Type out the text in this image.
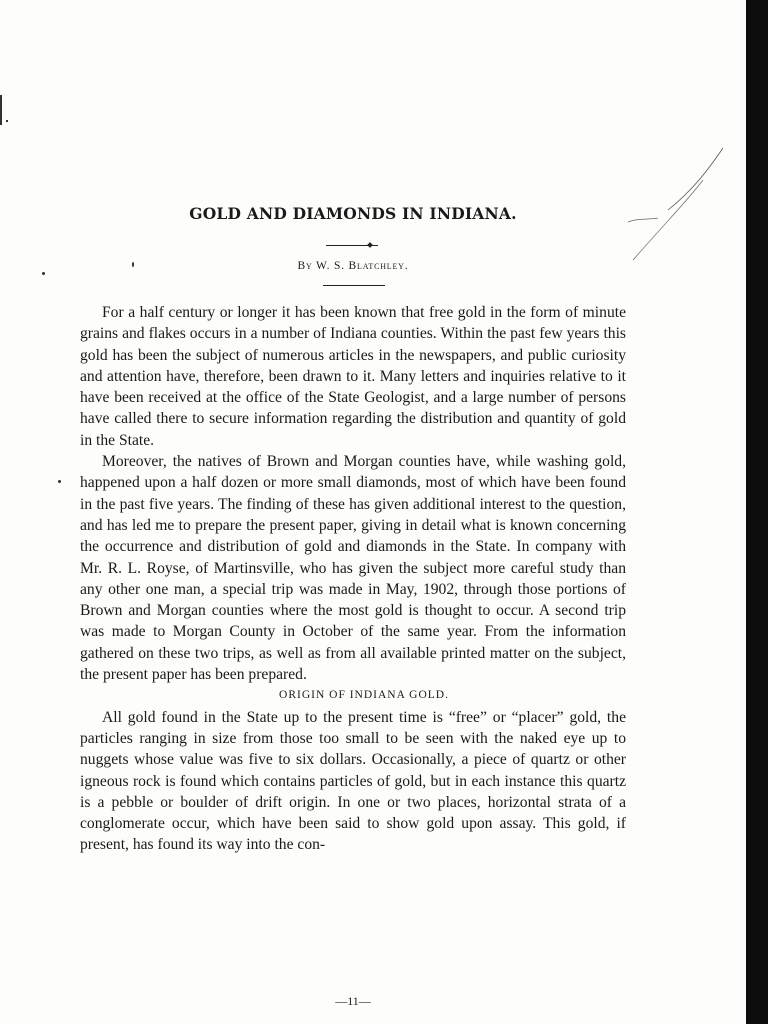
GOLD AND DIAMONDS IN INDIANA.
By W. S. Blatchley.

For a half century or longer it has been known that free gold in the form of minute grains and flakes occurs in a number of Indiana counties. Within the past few years this gold has been the subject of numerous articles in the newspapers, and public curiosity and attention have, therefore, been drawn to it. Many letters and inquiries relative to it have been received at the office of the State Geologist, and a large number of persons have called there to secure information regarding the distribution and quantity of gold in the State.

Moreover, the natives of Brown and Morgan counties have, while washing gold, happened upon a half dozen or more small diamonds, most of which have been found in the past five years. The finding of these has given additional interest to the question, and has led me to prepare the present paper, giving in detail what is known concerning the occurrence and distribution of gold and diamonds in the State. In company with Mr. R. L. Royse, of Martinsville, who has given the subject more careful study than any other one man, a special trip was made in May, 1902, through those portions of Brown and Morgan counties where the most gold is thought to occur. A second trip was made to Morgan County in October of the same year. From the information gathered on these two trips, as well as from all available printed matter on the subject, the present paper has been prepared.

ORIGIN OF INDIANA GOLD.

All gold found in the State up to the present time is “free” or “placer” gold, the particles ranging in size from those too small to be seen with the naked eye up to nuggets whose value was five to six dollars. Occasionally, a piece of quartz or other igneous rock is found which contains particles of gold, but in each instance this quartz is a pebble or boulder of drift origin. In one or two places, horizontal strata of a conglomerate occur, which have been said to show gold upon assay. This gold, if present, has found its way into the con-

—11—
